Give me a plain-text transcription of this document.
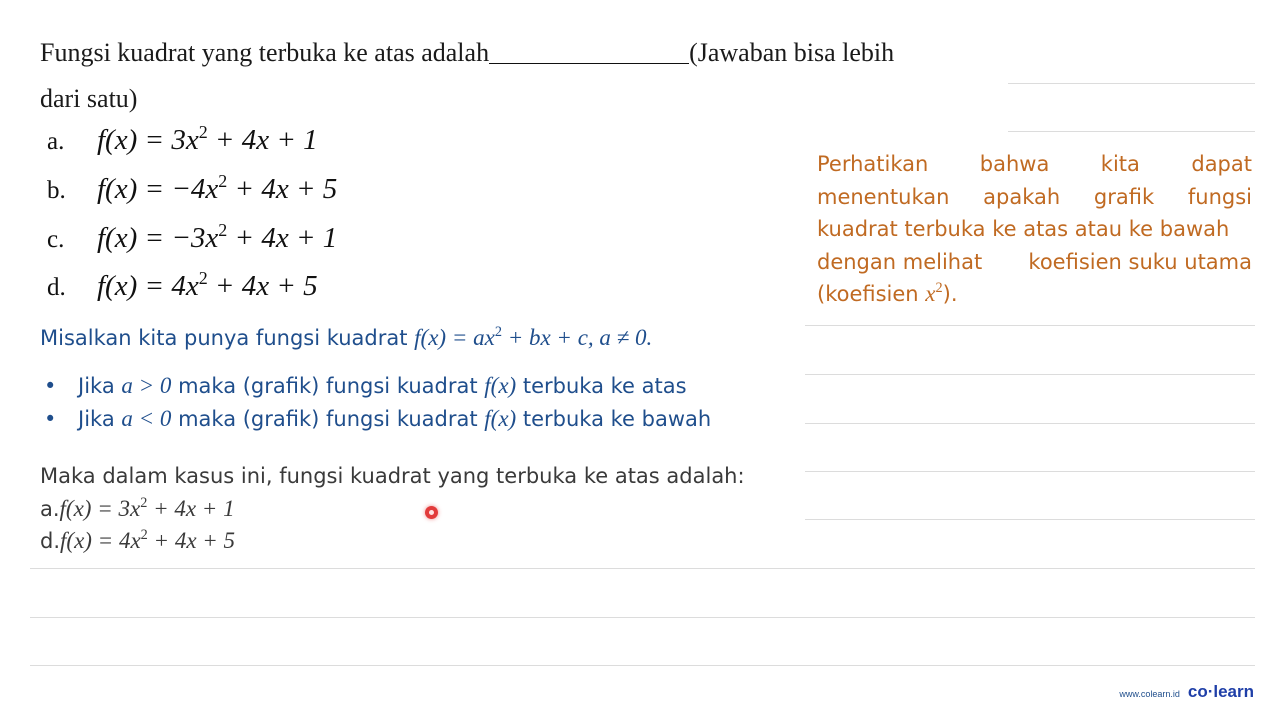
Fungsi kuadrat yang terbuka ke atas adalah	(Jawaban bisa lebih
dari satu)
a. $f(x) = 3x^2 + 4x + 1$
b. $f(x) = -4x^2 + 4x + 5$
c. $f(x) = -3x^2 + 4x + 1$
d. $f(x) = 4x^2 + 4x + 5$
Misalkan kita punya fungsi kuadrat $f(x) = ax^2$ + bx + c, a ≠ 0.
• Jika a > 0 maka (grafik) fungsi kuadrat f(x) terbuka ke atas
• Jika a < 0 maka (grafik) fungsi kuadrat f(x) terbuka ke bawah
Maka dalam kasus ini, fungsi kuadrat yang terbuka ke atas adalah:
$a.f(x) = 3x^2 + 4x + 1$
$d.f(x) = 4x^2 + 4x + 5$
Perhatikan bahwa kita dapat
menentukan apakah grafik fungsi
kuadrat terbuka ke atas atau ke bawah
dengan melihat koefisien suku utama
(koefisien $x^2$).
www.colearn.id co·learn
